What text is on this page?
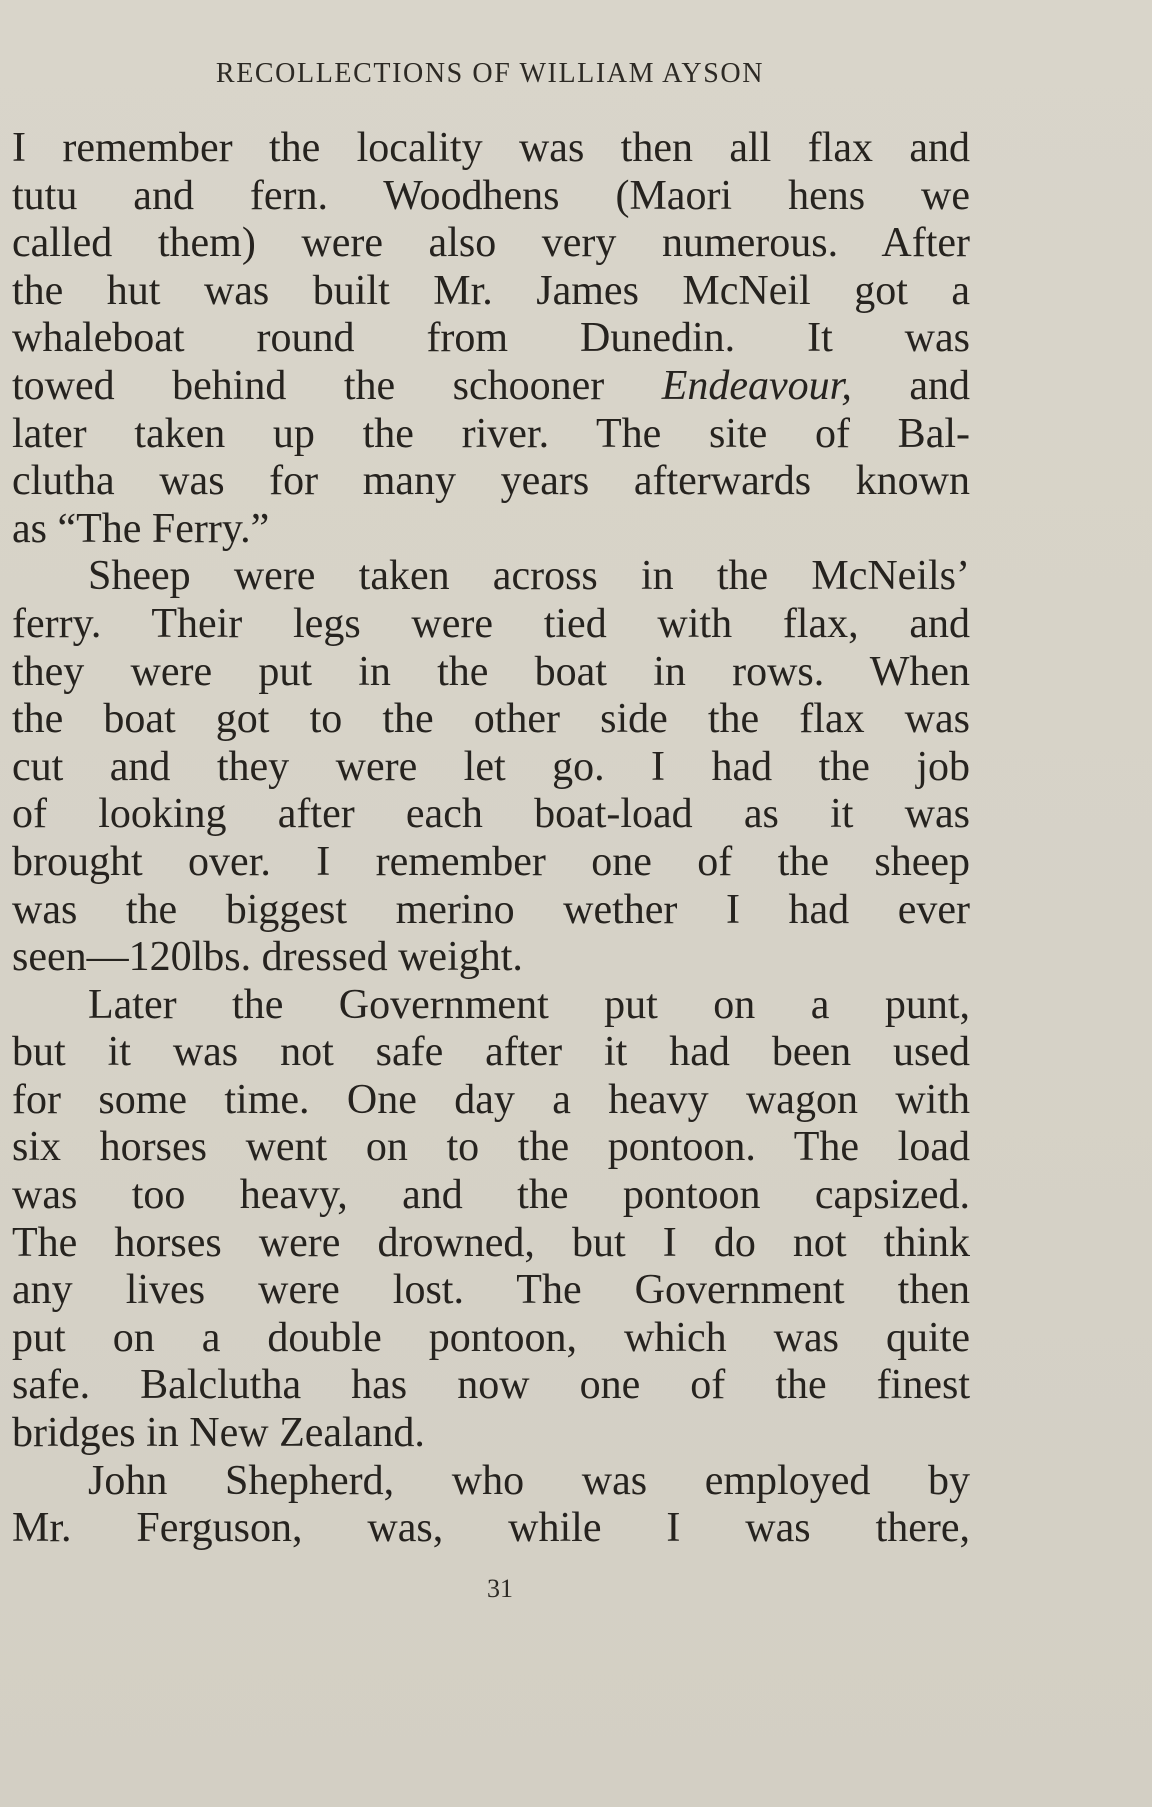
RECOLLECTIONS OF WILLIAM AYSON
I remember the locality was then all flax and
tutu and fern. Woodhens (Maori hens we
called them) were also very numerous. After
the hut was built Mr. James McNeil got a
whaleboat round from Dunedin. It was
towed behind the schooner Endeavour, and
later taken up the river. The site of Bal-
clutha was for many years afterwards known
as “The Ferry.”
Sheep were taken across in the McNeils’
ferry. Their legs were tied with flax, and
they were put in the boat in rows. When
the boat got to the other side the flax was
cut and they were let go. I had the job
of looking after each boat-load as it was
brought over. I remember one of the sheep
was the biggest merino wether I had ever
seen—120lbs. dressed weight.
Later the Government put on a punt,
but it was not safe after it had been used
for some time. One day a heavy wagon with
six horses went on to the pontoon. The load
was too heavy, and the pontoon capsized.
The horses were drowned, but I do not think
any lives were lost. The Government then
put on a double pontoon, which was quite
safe. Balclutha has now one of the finest
bridges in New Zealand.
John Shepherd, who was employed by
Mr. Ferguson, was, while I was there,
31
